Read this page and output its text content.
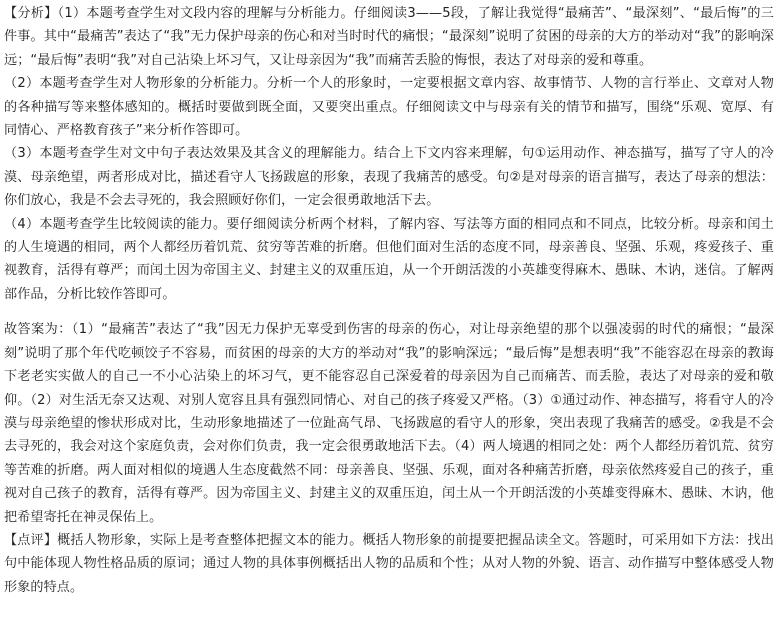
【分析】（1）本题考查学生对文段内容的理解与分析能力。仔细阅读3——5段，了解让我觉得“最痛苦”、“最深刻”、“最后悔”的三件事。其中“最痛苦”表达了“我”无力保护母亲的伤心和对当时时代的痛恨；“最深刻”说明了贫困的母亲的大方的举动对“我”的影响深远；“最后悔”表明“我”对自己沾染上坏习气，又让母亲因为“我”而痛苦丢脸的悔恨，表达了对母亲的爱和尊重。

（2）本题考查学生对人物形象的分析能力。分析一个人的形象时，一定要根据文章内容、故事情节、人物的言行举止、文章对人物的各种描写等来整体感知的。概括时要做到既全面，又要突出重点。仔细阅读文中与母亲有关的情节和描写，围绕“乐观、宽厚、有同情心、严格教育孩子”来分析作答即可。

（3）本题考查学生对文中句子表达效果及其含义的理解能力。结合上下文内容来理解，句①运用动作、神态描写，描写了守人的冷漠、母亲绝望，两者形成对比，描述看守人飞扬跋扈的形象，表现了我痛苦的感受。句②是对母亲的语言描写，表达了母亲的想法：你们放心，我是不会去寻死的，我会照顾好你们，一定会很勇敢地活下去。

（4）本题考查学生比较阅读的能力。要仔细阅读分析两个材料，了解内容、写法等方面的相同点和不同点，比较分析。母亲和闰土的人生境遇的相同，两个人都经历着饥荒、贫穷等苦难的折磨。但他们面对生活的态度不同，母亲善良、坚强、乐观，疼爱孩子、重视教育，活得有尊严；而闰土因为帝国主义、封建主义的双重压迫，从一个开朗活泼的小英雄变得麻木、愚昧、木讷，迷信。了解两部作品，分析比较作答即可。

故答案为：（1）“最痛苦”表达了“我”因无力保护无辜受到伤害的母亲的伤心，对让母亲绝望的那个以强凌弱的时代的痛恨；“最深刻”说明了那个年代吃顿饺子不容易，而贫困的母亲的大方的举动对“我”的影响深远；“最后悔”是想表明“我”不能容忍在母亲的教诲下老老实实做人的自己一不小心沾染上的坏习气，更不能容忍自己深爱着的母亲因为自己而痛苦、而丢脸，表达了对母亲的爱和敬仰。（2）对生活无奈又达观、对别人宽容且具有强烈同情心、对自己的孩子疼爱又严格。（3）①通过动作、神态描写，将看守人的冷漠与母亲绝望的惨状形成对比，生动形象地描述了一位趾高气昂、飞扬跋扈的看守人的形象，突出表现了我痛苦的感受。②我是不会去寻死的，我会对这个家庭负责，会对你们负责，我一定会很勇敢地活下去。（4）两人境遇的相同之处：两个人都经历着饥荒、贫穷等苦难的折磨。两人面对相似的境遇人生态度截然不同：母亲善良、坚强、乐观，面对各种痛苦折磨，母亲依然疼爱自己的孩子，重视对自己孩子的教育，活得有尊严。因为帝国主义、封建主义的双重压迫，闰土从一个开朗活泼的小英雄变得麻木、愚昧、木讷，他把希望寄托在神灵保佑上。

【点评】概括人物形象，实际上是考查整体把握文本的能力。概括人物形象的前提要把握品读全文。答题时，可采用如下方法：找出句中能体现人物性格品质的原词；通过人物的具体事例概括出人物的品质和个性；从对人物的外貌、语言、动作描写中整体感受人物形象的特点。
